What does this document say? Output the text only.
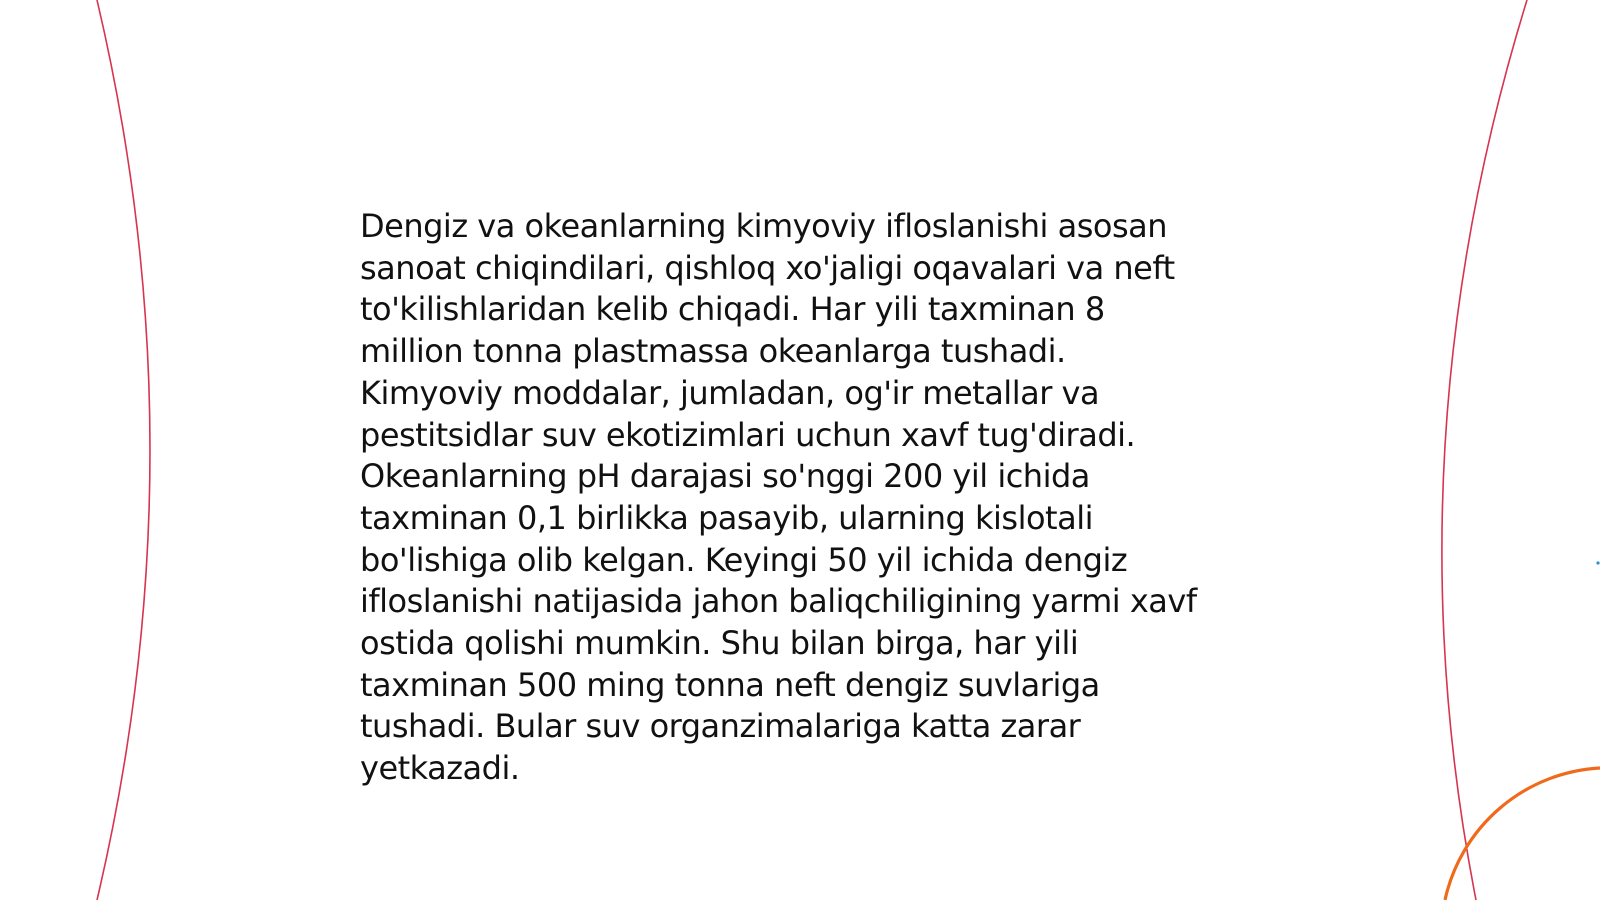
Dengiz va okeanlarning kimyoviy ifloslanishi asosan
sanoat chiqindilari, qishloq xo'jaligi oqavalari va neft
to'kilishlaridan kelib chiqadi. Har yili taxminan 8
million tonna plastmassa okeanlarga tushadi.
Kimyoviy moddalar, jumladan, og'ir metallar va
pestitsidlar suv ekotizimlari uchun xavf tug'diradi.
Okeanlarning pH darajasi so'nggi 200 yil ichida
taxminan 0,1 birlikka pasayib, ularning kislotali
bo'lishiga olib kelgan. Keyingi 50 yil ichida dengiz
ifloslanishi natijasida jahon baliqchiligining yarmi xavf
ostida qolishi mumkin. Shu bilan birga, har yili
taxminan 500 ming tonna neft dengiz suvlariga
tushadi. Bular suv organzimalariga katta zarar
yetkazadi.
